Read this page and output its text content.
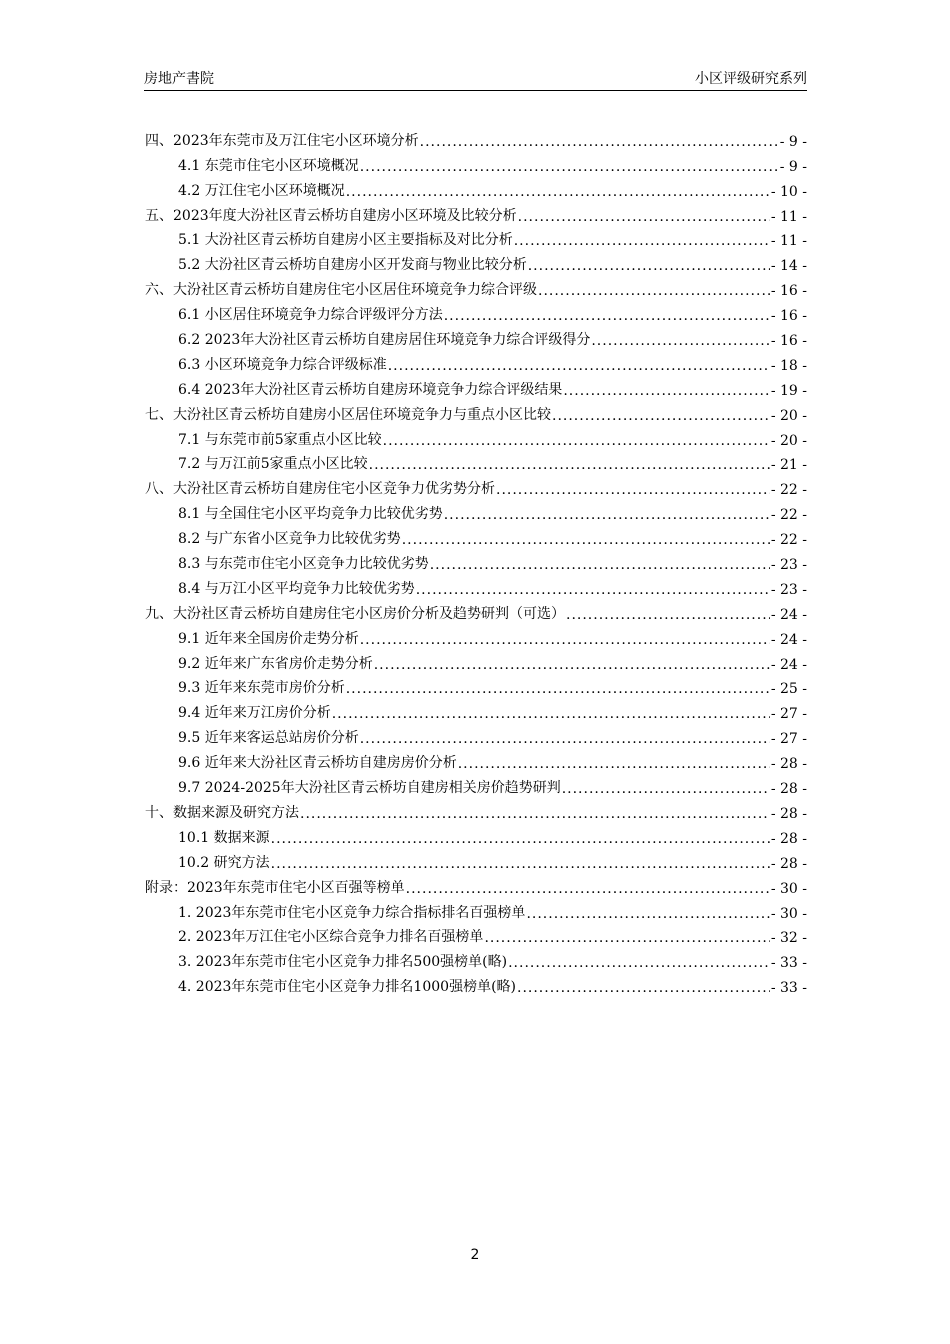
房地产書院	小区评级研究系列
四、2023年东莞市及万江住宅小区环境分析 .....	- 9 -
4.1 东莞市住宅小区环境概况 .....	- 9 -
4.2 万江住宅小区环境概况 .....	- 10 -
五、2023年度大汾社区青云桥坊自建房小区环境及比较分析 .....	- 11 -
5.1 大汾社区青云桥坊自建房小区主要指标及对比分析 .....	- 11 -
5.2 大汾社区青云桥坊自建房小区开发商与物业比较分析 .....	- 14 -
六、大汾社区青云桥坊自建房住宅小区居住环境竞争力综合评级 .....	- 16 -
6.1 小区居住环境竞争力综合评级评分方法 .....	- 16 -
6.2 2023年大汾社区青云桥坊自建房居住环境竞争力综合评级得分 .....	- 16 -
6.3 小区环境竞争力综合评级标准 .....	- 18 -
6.4 2023年大汾社区青云桥坊自建房环境竞争力综合评级结果 .....	- 19 -
七、大汾社区青云桥坊自建房小区居住环境竞争力与重点小区比较 .....	- 20 -
7.1 与东莞市前5家重点小区比较 .....	- 20 -
7.2 与万江前5家重点小区比较 .....	- 21 -
八、大汾社区青云桥坊自建房住宅小区竞争力优劣势分析 .....	- 22 -
8.1 与全国住宅小区平均竞争力比较优劣势 .....	- 22 -
8.2 与广东省小区竞争力比较优劣势 .....	- 22 -
8.3 与东莞市住宅小区竞争力比较优劣势 .....	- 23 -
8.4 与万江小区平均竞争力比较优劣势 .....	- 23 -
九、大汾社区青云桥坊自建房住宅小区房价分析及趋势研判（可选） .....	- 24 -
9.1 近年来全国房价走势分析 .....	- 24 -
9.2 近年来广东省房价走势分析 .....	- 24 -
9.3 近年来东莞市房价分析 .....	- 25 -
9.4 近年来万江房价分析 .....	- 27 -
9.5 近年来客运总站房价分析 .....	- 27 -
9.6 近年来大汾社区青云桥坊自建房房价分析 .....	- 28 -
9.7 2024-2025年大汾社区青云桥坊自建房相关房价趋势研判 .....	- 28 -
十、数据来源及研究方法 .....	- 28 -
10.1 数据来源 .....	- 28 -
10.2 研究方法 .....	- 28 -
附录：2023年东莞市住宅小区百强等榜单 .....	- 30 -
1. 2023年东莞市住宅小区竞争力综合指标排名百强榜单 .....	- 30 -
2. 2023年万江住宅小区综合竞争力排名百强榜单 .....	- 32 -
3. 2023年东莞市住宅小区竞争力排名500强榜单(略) .....	- 33 -
4. 2023年东莞市住宅小区竞争力排名1000强榜单(略) .....	- 33 -
2
